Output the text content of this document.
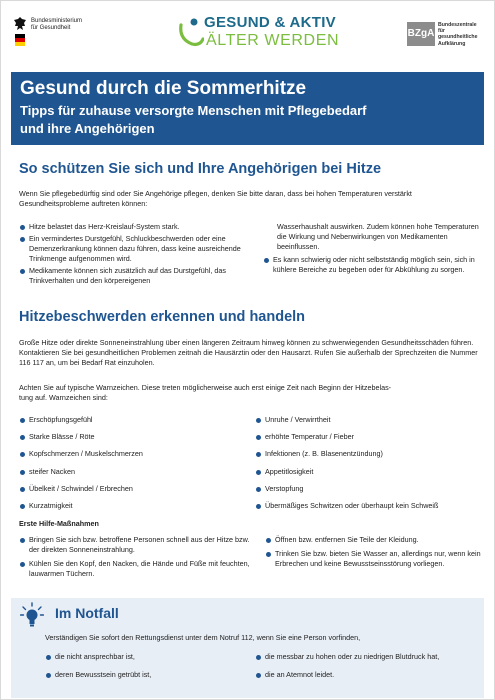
Bundesministerium
für Gesundheit	GESUND & AKTIV
ÄLTER WERDEN	BZgA
Bundeszentrale
für
gesundheitliche
Aufklärung
Gesund durch die Sommerhitze
Tipps für zuhause versorgte Menschen mit Pflegebedarf
und ihre Angehörigen
So schützen Sie sich und Ihre Angehörigen bei Hitze
Wenn Sie pflegebedürftig sind oder Sie Angehörige pflegen, denken Sie bitte daran, dass bei hohen Temperaturen verstärkt Gesundheitsprobleme auftreten können:
Hitze belastet das Herz-Kreislauf-System stark.
Ein vermindertes Durstgefühl, Schluckbeschwerden oder eine Demenzerkrankung können dazu führen, dass keine ausreichende Trinkmenge aufgenommen wird.
Medikamente können sich zusätzlich auf das Durstgefühl, das Trinkverhalten und den körpereigenen
Wasserhaushalt auswirken. Zudem können hohe Temperaturen die Wirkung und Nebenwirkungen von Medikamenten beeinflussen.
Es kann schwierig oder nicht selbstständig möglich sein, sich in kühlere Bereiche zu begeben oder für Abkühlung zu sorgen.
Hitzebeschwerden erkennen und handeln
Große Hitze oder direkte Sonneneinstrahlung über einen längeren Zeitraum hinweg können zu schwerwiegenden Gesundheitsschäden führen. Kontaktieren Sie bei gesundheitlichen Problemen zeitnah die Hausärztin oder den Hausarzt. Rufen Sie außerhalb der Sprechzeiten die Nummer 116 117 an, um bei Bedarf Rat einzuholen.
Achten Sie auf typische Warnzeichen. Diese treten möglicherweise auch erst einige Zeit nach Beginn der Hitzebelas-
tung auf. Warnzeichen sind:
Erschöpfungsgefühl
Starke Blässe / Röte
Kopfschmerzen / Muskelschmerzen
steifer Nacken
Übelkeit / Schwindel / Erbrechen
Kurzatmigkeit
Unruhe / Verwirrtheit
erhöhte Temperatur / Fieber
Infektionen (z. B. Blasenentzündung)
Appetitlosigkeit
Verstopfung
Übermäßiges Schwitzen oder überhaupt kein Schweiß
Erste Hilfe-Maßnahmen
Bringen Sie sich bzw. betroffene Personen schnell aus der Hitze bzw. der direkten Sonneneinstrahlung.
Kühlen Sie den Kopf, den Nacken, die Hände und Füße mit feuchten, lauwarmen Tüchern.
Öffnen bzw. entfernen Sie Teile der Kleidung.
Trinken Sie bzw. bieten Sie Wasser an, allerdings nur, wenn kein Erbrechen und keine Bewusstseinsstörung vorliegen.
Im Notfall
Verständigen Sie sofort den Rettungsdienst unter dem Notruf 112, wenn Sie eine Person vorfinden,
die nicht ansprechbar ist,
deren Bewusstsein getrübt ist,
die messbar zu hohen oder zu niedrigen Blutdruck hat,
die an Atemnot leidet.
